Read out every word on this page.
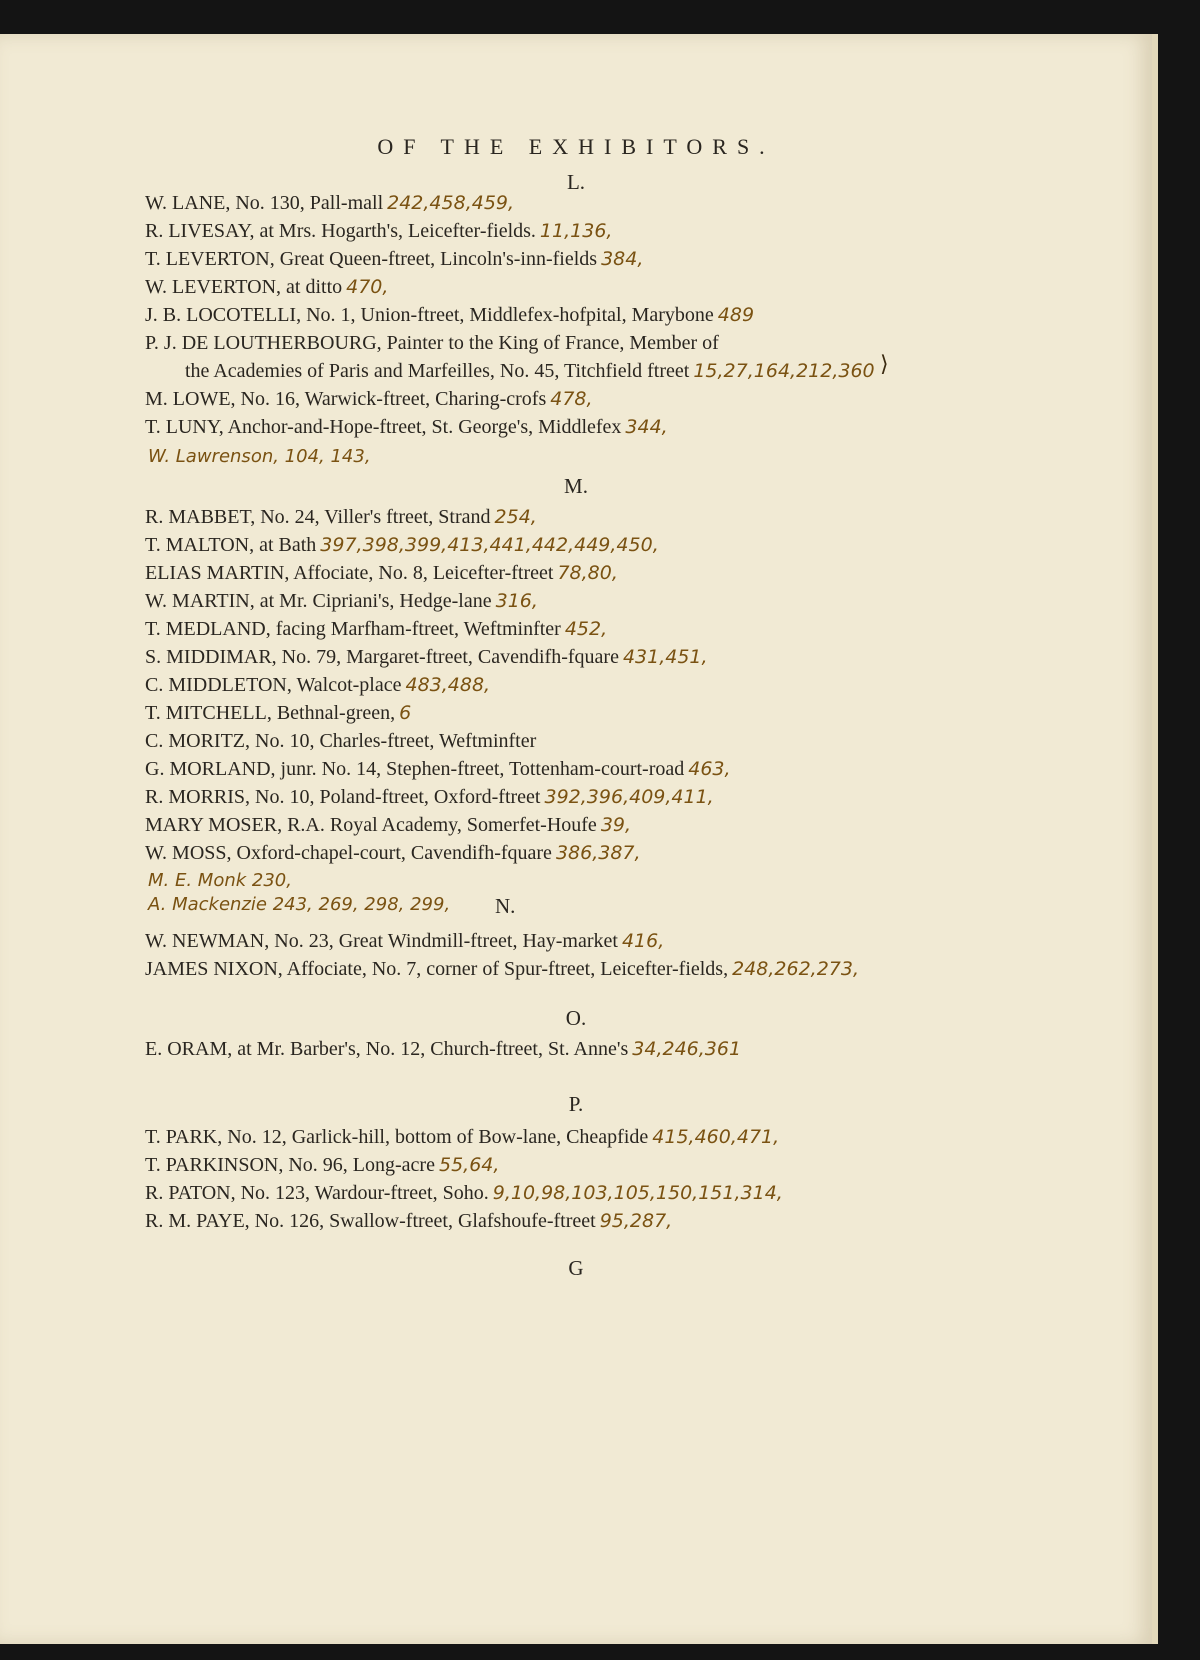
OF THE EXHIBITORS.
L.
W. LANE, No. 130, Pall-mall 242,458,459,
R. LIVESAY, at Mrs. Hogarth's, Leicefter-fields. 11,136,
T. LEVERTON, Great Queen-ftreet, Lincoln's-inn-fields 384,
W. LEVERTON, at ditto 470,
J. B. LOCOTELLI, No. 1, Union-ftreet, Middlefex-hofpital, Marybone 489
⟩
P. J. DE LOUTHERBOURG, Painter to the King of France, Member of
the Academies of Paris and Marfeilles, No. 45, Titchfield ftreet 15,27,164,212,360
M. LOWE, No. 16, Warwick-ftreet, Charing-crofs 478,
T. LUNY, Anchor-and-Hope-ftreet, St. George's, Middlefex 344,
W. Lawrenson, 104, 143,
M.
R. MABBET, No. 24, Viller's ftreet, Strand 254,
T. MALTON, at Bath 397,398,399,413,441,442,449,450,
ELIAS MARTIN, Affociate, No. 8, Leicefter-ftreet 78,80,
W. MARTIN, at Mr. Cipriani's, Hedge-lane 316,
T. MEDLAND, facing Marfham-ftreet, Weftminfter 452,
S. MIDDIMAR, No. 79, Margaret-ftreet, Cavendifh-fquare 431,451,
C. MIDDLETON, Walcot-place 483,488,
T. MITCHELL, Bethnal-green, 6
C. MORITZ, No. 10, Charles-ftreet, Weftminfter
G. MORLAND, junr. No. 14, Stephen-ftreet, Tottenham-court-road 463,
R. MORRIS, No. 10, Poland-ftreet, Oxford-ftreet 392,396,409,411,
MARY MOSER, R.A. Royal Academy, Somerfet-Houfe 39,
W. MOSS, Oxford-chapel-court, Cavendifh-fquare 386,387,
M. E. Monk 230,
A. Mackenzie 243, 269, 298, 299, N.
W. NEWMAN, No. 23, Great Windmill-ftreet, Hay-market 416,
JAMES NIXON, Affociate, No. 7, corner of Spur-ftreet, Leicefter-fields, 248,262,273,
O.
E. ORAM, at Mr. Barber's, No. 12, Church-ftreet, St. Anne's 34,246,361
P.
T. PARK, No. 12, Garlick-hill, bottom of Bow-lane, Cheapfide 415,460,471,
T. PARKINSON, No. 96, Long-acre 55,64,
R. PATON, No. 123, Wardour-ftreet, Soho. 9,10,98,103,105,150,151,314,
R. M. PAYE, No. 126, Swallow-ftreet, Glafshoufe-ftreet 95,287,
G
